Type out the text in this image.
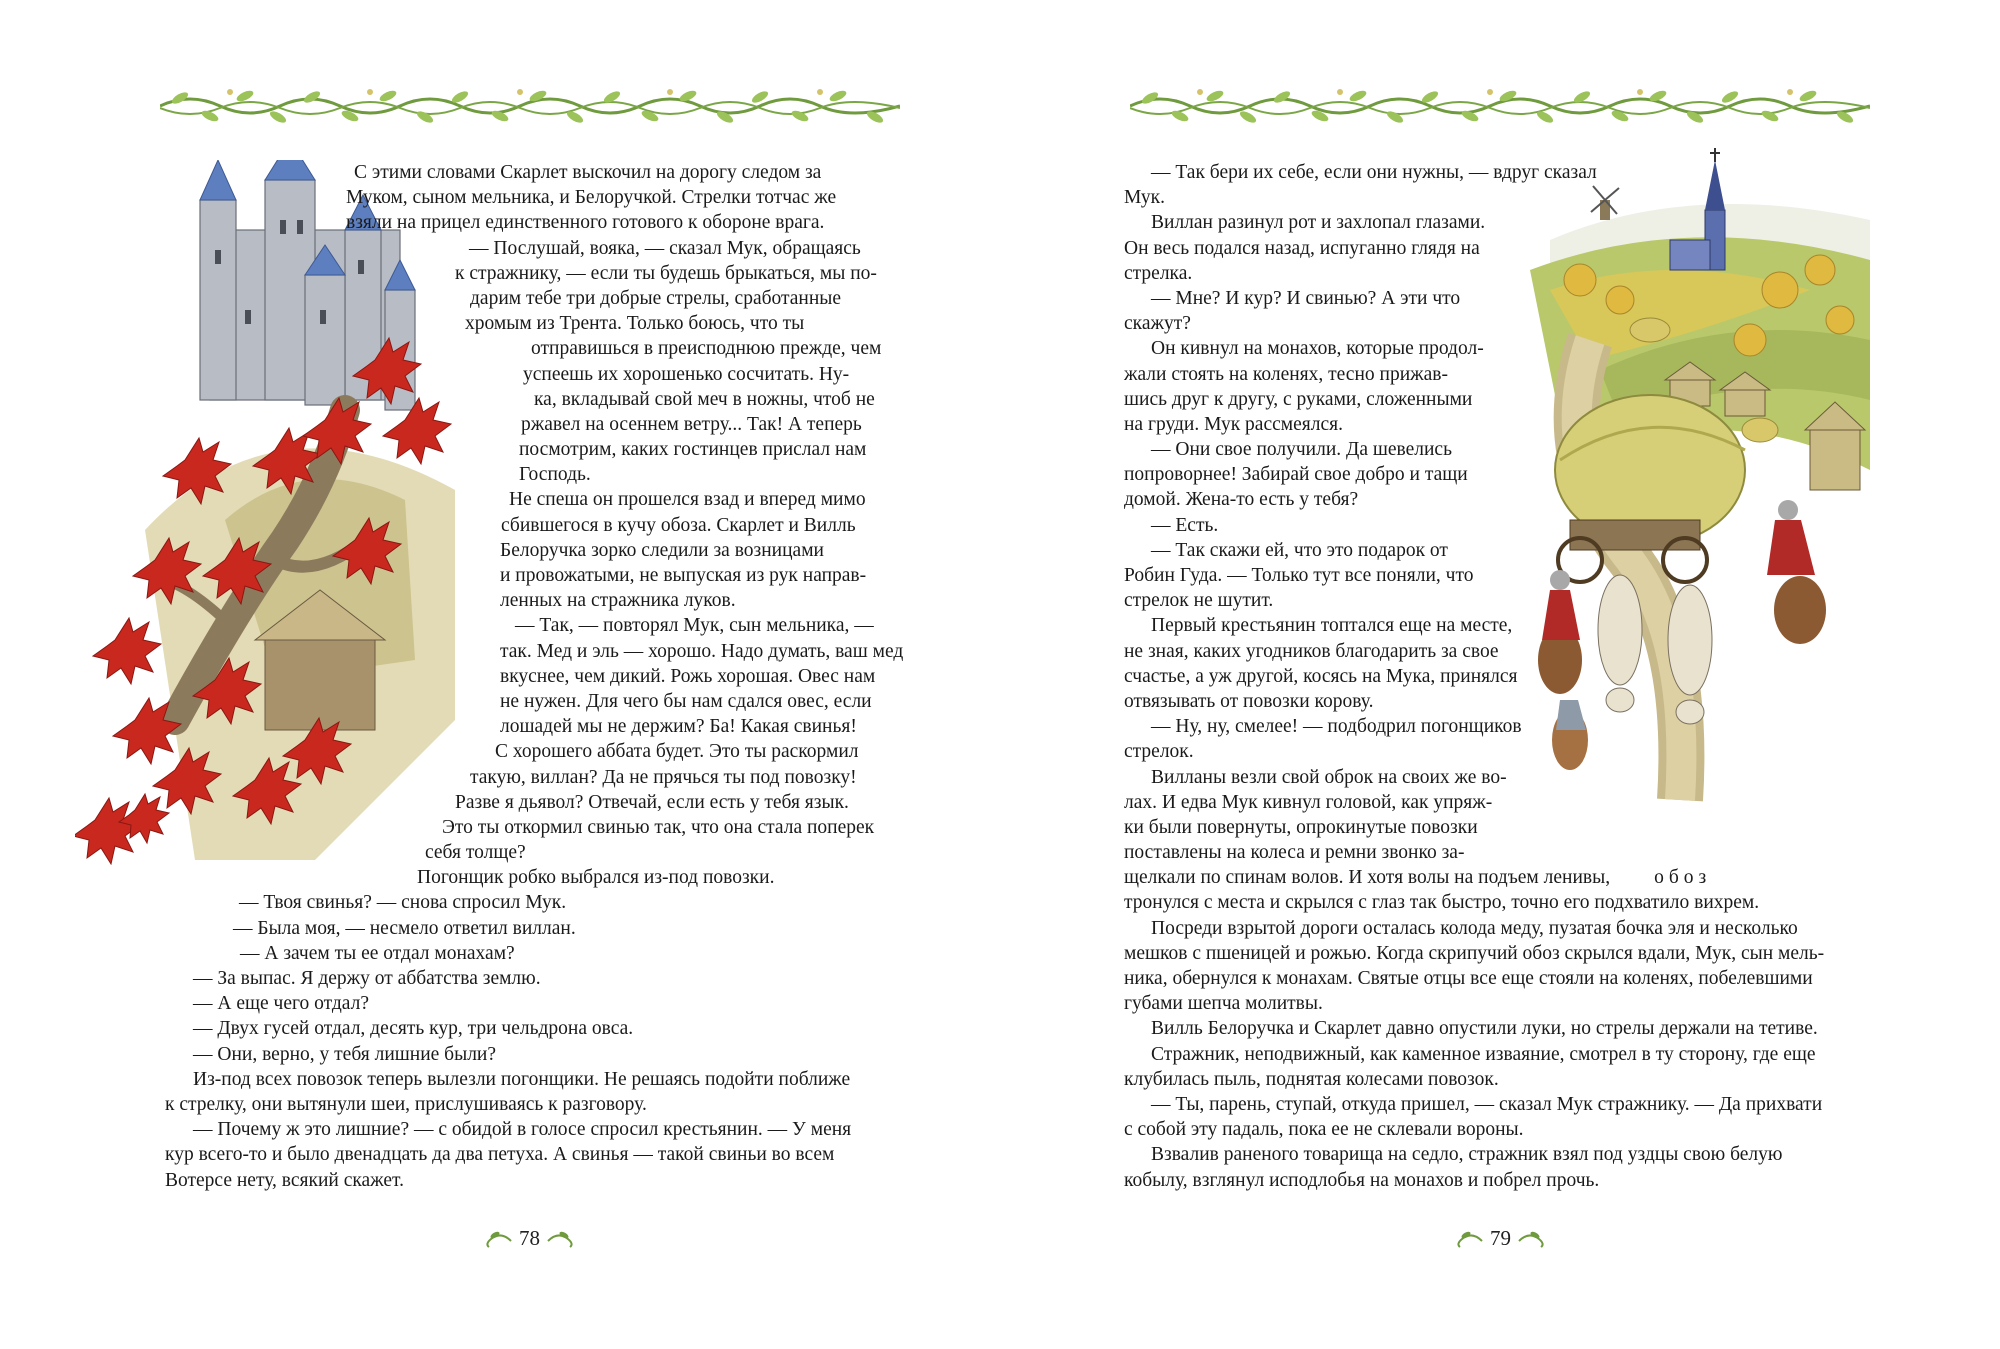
С этими словами Скарлет выскочил на дорогу следом за
Муком, сыном мельника, и Белоручкой. Стрелки тотчас же
взяли на прицел единственного готового к обороне врага.
— Послушай, вояка, — сказал Мук, обращаясь
к стражнику, — если ты будешь брыкаться, мы по-
дарим тебе три добрые стрелы, сработанные
хромым из Трента. Только боюсь, что ты
отправишься в преисподнюю прежде, чем
успеешь их хорошенько сосчитать. Ну-
ка, вкладывай свой меч в ножны, чтоб не
ржавел на осеннем ветру... Так! А теперь
посмотрим, каких гостинцев прислал нам
Господь.
Не спеша он прошелся взад и вперед мимо
сбившегося в кучу обоза. Скарлет и Вилль
Белоручка зорко следили за возницами
и провожатыми, не выпуская из рук направ-
ленных на стражника луков.
— Так, — повторял Мук, сын мельника, —
так. Мед и эль — хорошо. Надо думать, ваш мед
вкуснее, чем дикий. Рожь хорошая. Овес нам
не нужен. Для чего бы нам сдался овес, если
лошадей мы не держим? Ба! Какая свинья!
С хорошего аббата будет. Это ты раскормил
такую, виллан? Да не прячься ты под повозку!
Разве я дьявол? Отвечай, если есть у тебя язык.
Это ты откормил свинью так, что она стала поперек
себя толще?
Погонщик робко выбрался из-под повозки.
— Твоя свинья? — снова спросил Мук.
— Была моя, — несмело ответил виллан.
— А зачем ты ее отдал монахам?
— За выпас. Я держу от аббатства землю.
— А еще чего отдал?
— Двух гусей отдал, десять кур, три чельдрона овса.
— Они, верно, у тебя лишние были?
Из-под всех повозок теперь вылезли погонщики. Не решаясь подойти поближе
к стрелку, они вытянули шеи, прислушиваясь к разговору.
— Почему ж это лишние? — с обидой в голосе спросил крестьянин. — У меня
кур всего-то и было двенадцать да два петуха. А свинья — такой свиньи во всем
Вотерсе нету, всякий скажет.
78
— Так бери их себе, если они нужны, — вдруг сказал
Мук.
Виллан разинул рот и захлопал глазами.
Он весь подался назад, испуганно глядя на
стрелка.
— Мне? И кур? И свинью? А эти что
скажут?
Он кивнул на монахов, которые продол-
жали стоять на коленях, тесно прижав-
шись друг к другу, с руками, сложенными
на груди. Мук рассмеялся.
— Они свое получили. Да шевелись
попроворнее! Забирай свое добро и тащи
домой. Жена-то есть у тебя?
— Есть.
— Так скажи ей, что это подарок от
Робин Гуда. — Только тут все поняли, что
стрелок не шутит.
Первый крестьянин топтался еще на месте,
не зная, каких угодников благодарить за свое
счастье, а уж другой, косясь на Мука, принялся
отвязывать от повозки корову.
— Ну, ну, смелее! — подбодрил погонщиков
стрелок.
Вилланы везли свой оброк на своих же во-
лах. И едва Мук кивнул головой, как упряж-
ки были повернуты, опрокинутые повозки
поставлены на колеса и ремни звонко за-
щелкали по спинам волов. И хотя волы на подъем ленивы, обоз
тронулся с места и скрылся с глаз так быстро, точно его подхватило вихрем.
Посреди взрытой дороги осталась колода меду, пузатая бочка эля и несколько
мешков с пшеницей и рожью. Когда скрипучий обоз скрылся вдали, Мук, сын мель-
ника, обернулся к монахам. Святые отцы все еще стояли на коленях, побелевшими
губами шепча молитвы.
Вилль Белоручка и Скарлет давно опустили луки, но стрелы держали на тетиве.
Стражник, неподвижный, как каменное изваяние, смотрел в ту сторону, где еще
клубилась пыль, поднятая колесами повозок.
— Ты, парень, ступай, откуда пришел, — сказал Мук стражнику. — Да прихвати
с собой эту падаль, пока ее не склевали вороны.
Взвалив раненого товарища на седло, стражник взял под уздцы свою белую
кобылу, взглянул исподлобья на монахов и побрел прочь.
79
